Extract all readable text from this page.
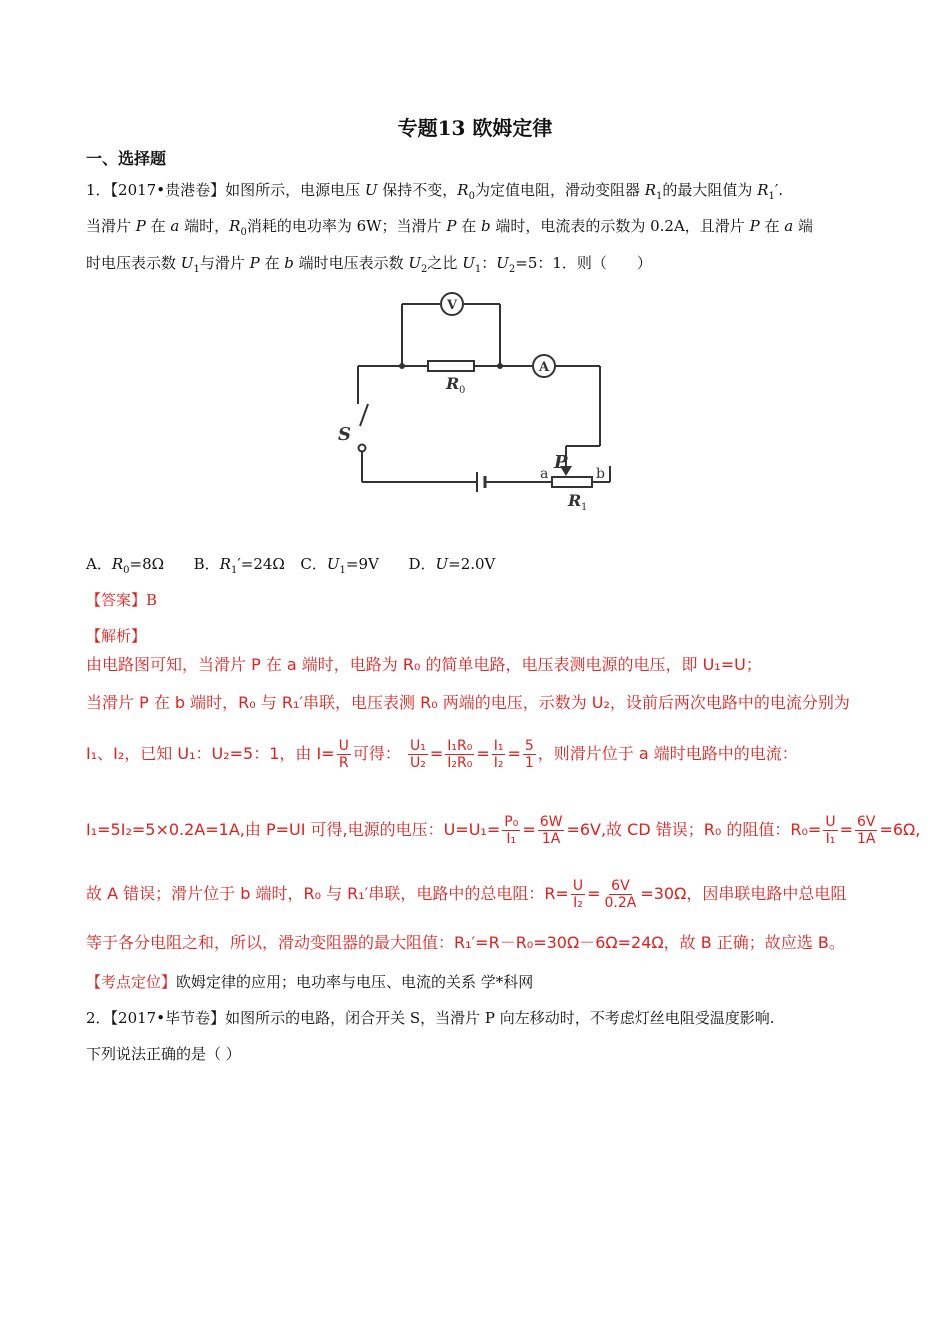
专题13 欧姆定律
一、选择题
1．【2017•贵港卷】如图所示，电源电压 U 保持不变，$R_0$为定值电阻，滑动变阻器 $R_1$的最大阻值为 $R_1'$.
当滑片 P 在 a 端时，$R_0$消耗的电功率为 6W；当滑片 P 在 b 端时，电流表的示数为 0.2A，且滑片 P 在 a 端
时电压表示数 $U_1$与滑片 P 在 b 端时电压表示数 $U_2$之比 $U_1$：$U_2=5$：1．则（　　）
V
A
R 0
S
P
a	b
R 1
A．$R_0=8\Omega$ B．$R_1'=24\Omega$ C．$U_1=9V$ D．U=2.0V
【答案】B
【解析】
由电路图可知，当滑片 P 在 a 端时，电路为 R₀ 的简单电路，电压表测电源的电压，即 U₁=U；
当滑片 P 在 b 端时，R₀ 与 R₁′串联，电压表测 R₀ 两端的电压，示数为 U₂，设前后两次电路中的电流分别为
I₁、I₂，已知 U₁：U₂=5：1，由 $I= \frac{U}{R}$ 可得： $\frac{\text{U₁}}{\text{U₂}} = \frac{\text{I₁R₀}}{\text{I₂R₀}} = \frac{\text{I₁}}{\text{I₂}} = \frac{5}{1}$ ，则滑片位于 a 端时电路中的电流：
I₁=5I₂=5×0.2A=1A,由 P=UI 可得,电源的电压：$U=U_1= \frac{\text{P₀}}{\text{I₁}} = \frac{6W}{1A} =6V$,故 CD 错误；R₀ 的阻值：$R_0= \frac{U}{\text{I₁}} = \frac{6V}{1A} =6\Omega$,
故 A 错误；滑片位于 b 端时，R₀ 与 R₁′串联，电路中的总电阻：$R= \frac{U}{\text{I₂}} = \frac{6V}{0.2A} =30\Omega$，因串联电路中总电阻
等于各分电阻之和，所以，滑动变阻器的最大阻值：R₁′=R－R₀=30Ω－6Ω=24Ω，故 B 正确；故应选 B。
【考点定位】欧姆定律的应用；电功率与电压、电流的关系 学*科网
2．【2017•毕节卷】如图所示的电路，闭合开关 S，当滑片 P 向左移动时，不考虑灯丝电阻受温度影响.
下列说法正确的是（ ）
